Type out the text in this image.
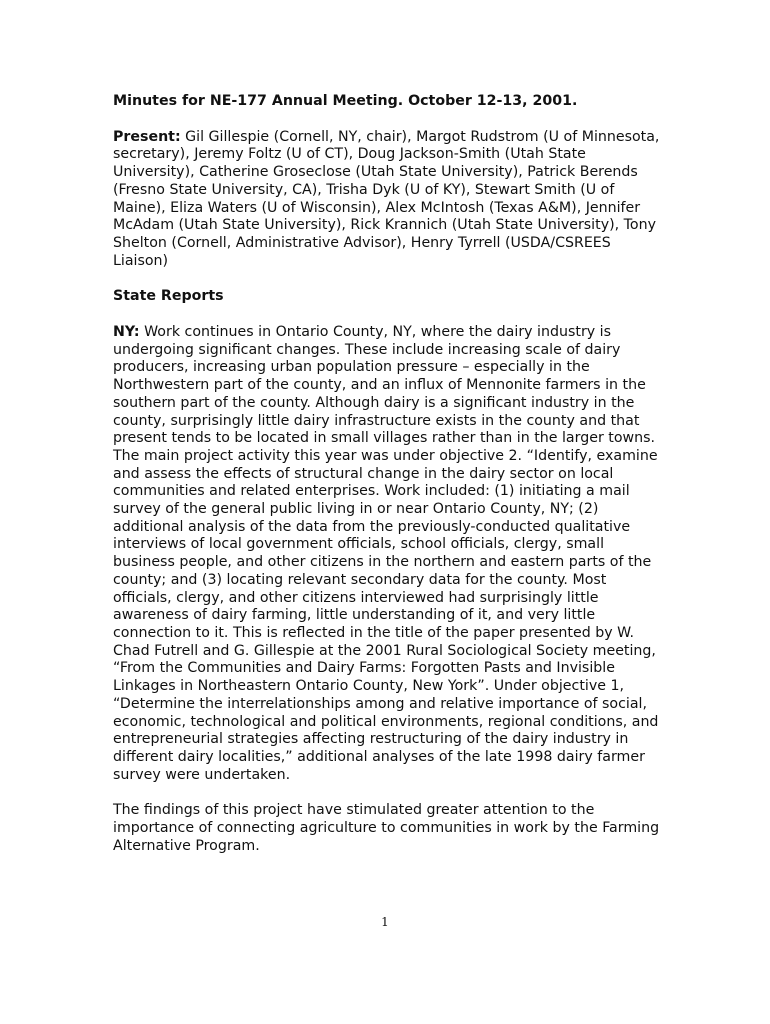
Minutes for NE-177 Annual Meeting. October 12-13, 2001.

Present: Gil Gillespie (Cornell, NY, chair), Margot Rudstrom (U of Minnesota, secretary), Jeremy Foltz (U of CT), Doug Jackson-Smith (Utah State University), Catherine Groseclose (Utah State University), Patrick Berends (Fresno State University, CA), Trisha Dyk (U of KY), Stewart Smith (U of Maine), Eliza Waters (U of Wisconsin), Alex McIntosh (Texas A&M), Jennifer McAdam (Utah State University), Rick Krannich (Utah State University), Tony Shelton (Cornell, Administrative Advisor), Henry Tyrrell (USDA/CSREES Liaison)

State Reports

NY: Work continues in Ontario County, NY, where the dairy industry is undergoing significant changes. These include increasing scale of dairy producers, increasing urban population pressure – especially in the Northwestern part of the county, and an influx of Mennonite farmers in the southern part of the county. Although dairy is a significant industry in the county, surprisingly little dairy infrastructure exists in the county and that present tends to be located in small villages rather than in the larger towns. The main project activity this year was under objective 2. “Identify, examine and assess the effects of structural change in the dairy sector on local communities and related enterprises. Work included: (1) initiating a mail survey of the general public living in or near Ontario County, NY; (2) additional analysis of the data from the previously-conducted qualitative interviews of local government officials, school officials, clergy, small business people, and other citizens in the northern and eastern parts of the county; and (3) locating relevant secondary data for the county. Most officials, clergy, and other citizens interviewed had surprisingly little awareness of dairy farming, little understanding of it, and very little connection to it. This is reflected in the title of the paper presented by W. Chad Futrell and G. Gillespie at the 2001 Rural Sociological Society meeting, “From the Communities and Dairy Farms: Forgotten Pasts and Invisible Linkages in Northeastern Ontario County, New York”. Under objective 1, “Determine the interrelationships among and relative importance of social, economic, technological and political environments, regional conditions, and entrepreneurial strategies affecting restructuring of the dairy industry in different dairy localities,” additional analyses of the late 1998 dairy farmer survey were undertaken.

The findings of this project have stimulated greater attention to the importance of connecting agriculture to communities in work by the Farming Alternative Program.

1
